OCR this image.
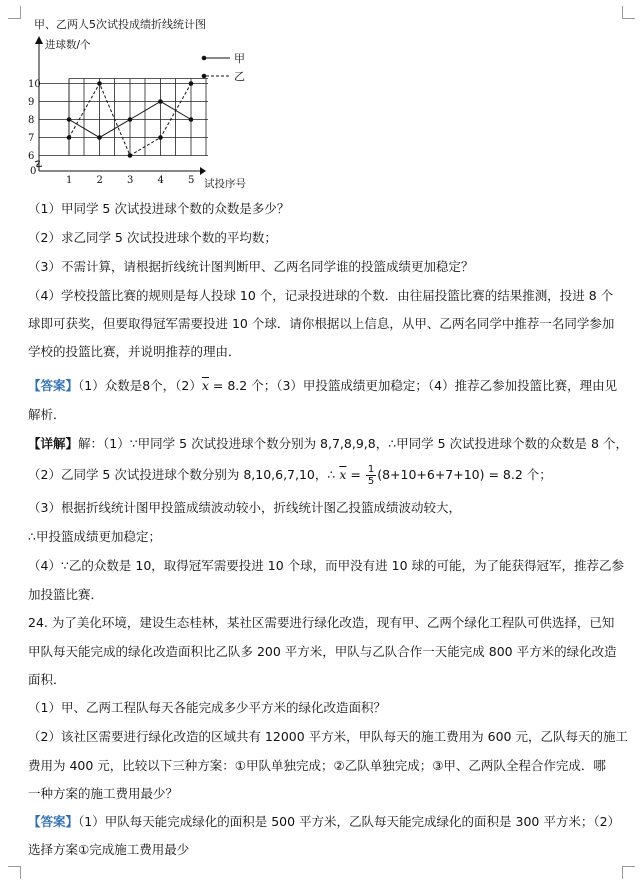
甲、乙两人5次试投成绩折线统计图
进球数/个
试投序号
0
6
7
8
9
10
1 2 3 4 5
甲
乙
（1）甲同学 5 次试投进球个数的众数是多少？
（2）求乙同学 5 次试投进球个数的平均数；
（3）不需计算，请根据折线统计图判断甲、乙两名同学谁的投篮成绩更加稳定？
（4）学校投篮比赛的规则是每人投球 10 个，记录投进球的个数．由往届投篮比赛的结果推测，投进 8 个
球即可获奖，但要取得冠军需要投进 10 个球．请你根据以上信息，从甲、乙两名同学中推荐一名同学参加
学校的投篮比赛，并说明推荐的理由．
【答案】（1）众数是8个，$(2)\overline{x} = 8.2$ 个；（3）甲投篮成绩更加稳定；（4）推荐乙参加投篮比赛，理由见
解析．
【详解】解：（1）∵甲同学 5 次试投进球个数分别为 8,7,8,9,8，∴甲同学 5 次试投进球个数的众数是 8 个，
（2）乙同学 5 次试投进球个数分别为 8,10,6,7,10，∴ $\overline{x} = \frac{1}{5} (8+10+6+7+10) = 8.2$ 个；
（3）根据折线统计图甲投篮成绩波动较小，折线统计图乙投篮成绩波动较大，
∴甲投篮成绩更加稳定；
（4）∵乙的众数是 10，取得冠军需要投进 10 个球，而甲没有进 10 球的可能，为了能获得冠军，推荐乙参
加投篮比赛．
24. 为了美化环境，建设生态桂林，某社区需要进行绿化改造，现有甲、乙两个绿化工程队可供选择，已知
甲队每天能完成的绿化改造面积比乙队多 200 平方米，甲队与乙队合作一天能完成 800 平方米的绿化改造
面积．
（1）甲、乙两工程队每天各能完成多少平方米的绿化改造面积？
（2）该社区需要进行绿化改造的区域共有 12000 平方米，甲队每天的施工费用为 600 元，乙队每天的施工
费用为 400 元，比较以下三种方案：①甲队单独完成；②乙队单独完成；③甲、乙两队全程合作完成．哪
一种方案的施工费用最少？
【答案】（1）甲队每天能完成绿化的面积是 500 平方米，乙队每天能完成绿化的面积是 300 平方米；（2）
选择方案①完成施工费用最少
